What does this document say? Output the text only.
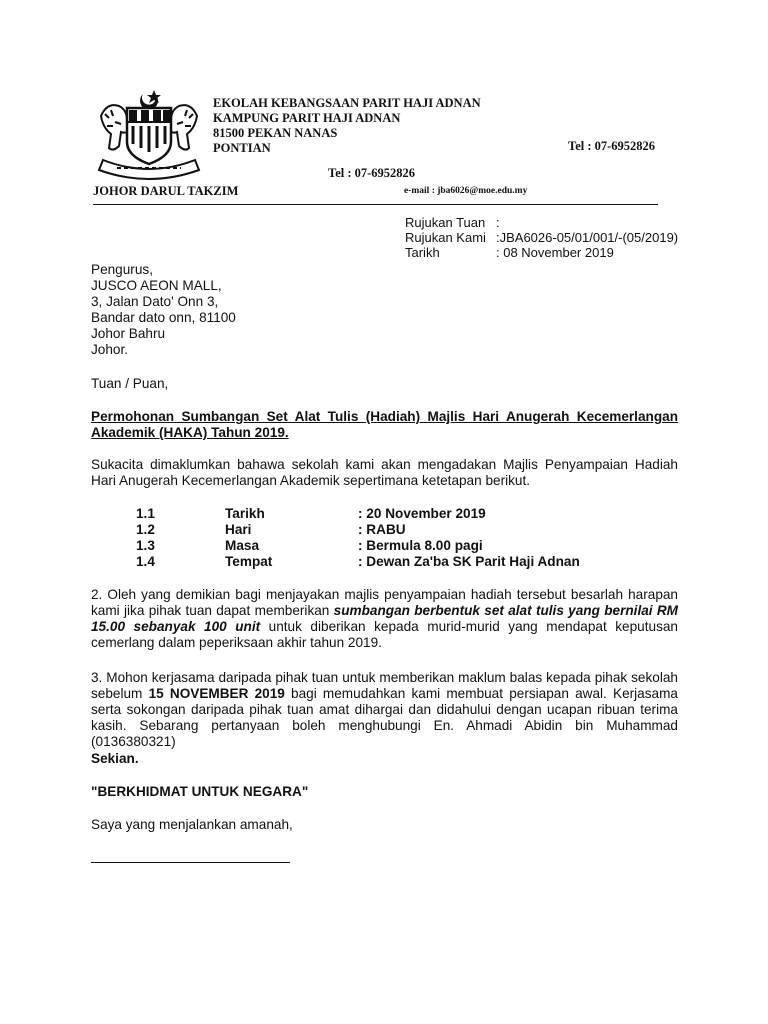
EKOLAH KEBANGSAAN PARIT HAJI ADNAN
KAMPUNG PARIT HAJI ADNAN
81500 PEKAN NANAS
PONTIAN	Tel : 07-6952826
Tel : 07-6952826
JOHOR DARUL TAKZIM	e-mail : jba6026@moe.edu.my
Rujukan Tuan :
Rujukan Kami :JBA6026-05/01/001/-(05/2019)
Tarikh	: 08 November 2019
Pengurus,
JUSCO AEON MALL,
3, Jalan Dato' Onn 3,
Bandar dato onn, 81100
Johor Bahru
Johor.
Tuan / Puan,
Permohonan Sumbangan Set Alat Tulis (Hadiah) Majlis Hari Anugerah Kecemerlangan Akademik (HAKA) Tahun 2019.
Sukacita dimaklumkan bahawa sekolah kami akan mengadakan Majlis Penyampaian Hadiah Hari Anugerah Kecemerlangan Akademik sepertimana ketetapan berikut.
1.1	Tarikh	: 20 November 2019
1.2	Hari	: RABU
1.3	Masa	: Bermula 8.00 pagi
1.4	Tempat	: Dewan Za'ba SK Parit Haji Adnan
2. Oleh yang demikian bagi menjayakan majlis penyampaian hadiah tersebut besarlah harapan kami jika pihak tuan dapat memberikan sumbangan berbentuk set alat tulis yang bernilai RM 15.00 sebanyak 100 unit untuk diberikan kepada murid-murid yang mendapat keputusan cemerlang dalam peperiksaan akhir tahun 2019.
3. Mohon kerjasama daripada pihak tuan untuk memberikan maklum balas kepada pihak sekolah sebelum 15 NOVEMBER 2019 bagi memudahkan kami membuat persiapan awal. Kerjasama serta sokongan daripada pihak tuan amat dihargai dan didahului dengan ucapan ribuan terima kasih. Sebarang pertanyaan boleh menghubungi En. Ahmadi Abidin bin Muhammad (0136380321)
Sekian.
"BERKHIDMAT UNTUK NEGARA"
Saya yang menjalankan amanah,
